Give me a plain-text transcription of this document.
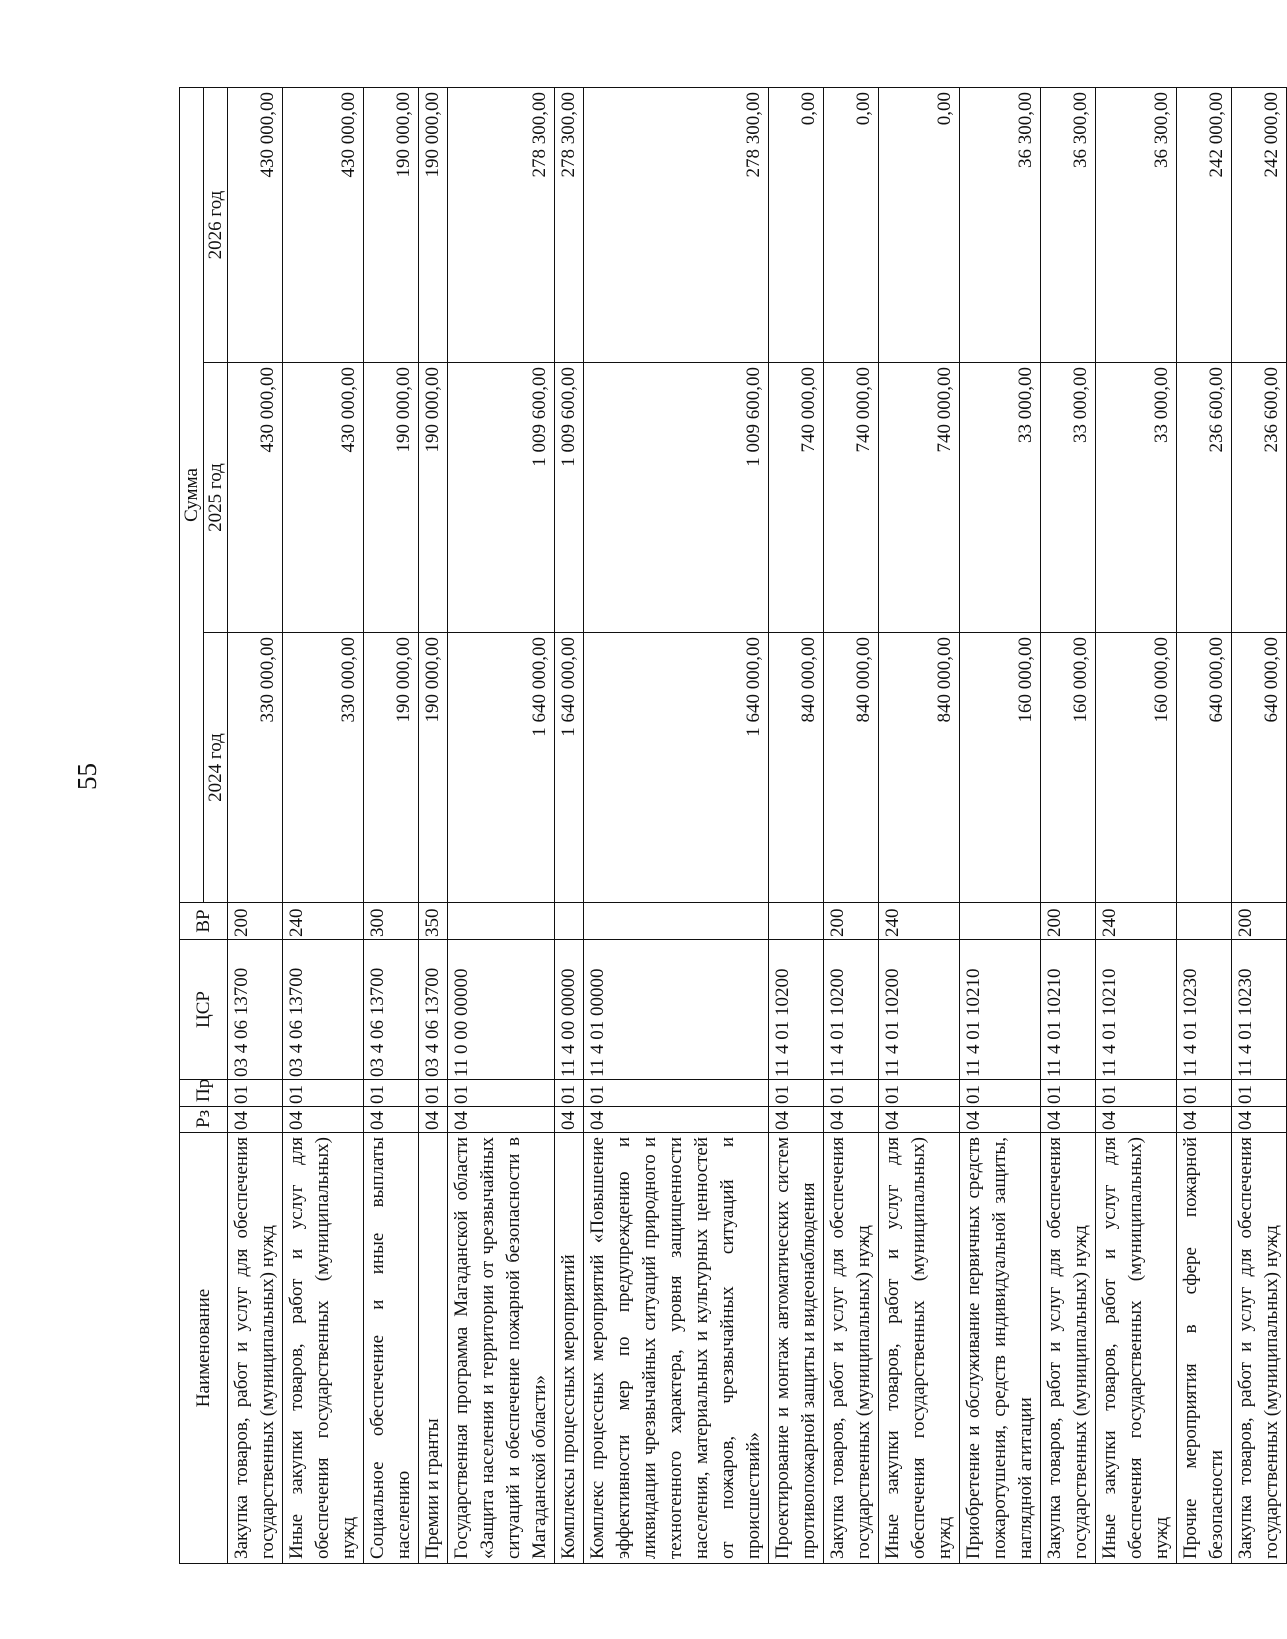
55
Наименование	Рз	Пр	ЦСР	ВР	Сумма		
					2024 год	2025 год	2026 год
Закупка товаров, работ и услуг для обеспечения государственных (муниципальных) нужд	04	01	03 4 06 13700	200	330 000,00	430 000,00	430 000,00
Иные закупки товаров, работ и услуг для обеспечения государственных (муниципальных) нужд	04	01	03 4 06 13700	240	330 000,00	430 000,00	430 000,00
Социальное обеспечение и иные выплаты населению	04	01	03 4 06 13700	300	190 000,00	190 000,00	190 000,00
Премии и гранты	04	01	03 4 06 13700	350	190 000,00	190 000,00	190 000,00
Государственная программа Магаданской области «Защита населения и территории от чрезвычайных ситуаций и обеспечение пожарной безопасности в Магаданской области»	04	01	11 0 00 00000		1 640 000,00	1 009 600,00	278 300,00
Комплексы процессных мероприятий	04	01	11 4 00 00000		1 640 000,00	1 009 600,00	278 300,00
Комплекс процессных мероприятий «Повышение эффективности мер по предупреждению и ликвидации чрезвычайных ситуаций природного и техногенного характера, уровня защищенности населения, материальных и культурных ценностей от пожаров, чрезвычайных ситуаций и происшествий»	04	01	11 4 01 00000		1 640 000,00	1 009 600,00	278 300,00
Проектирование и монтаж автоматических систем противопожарной защиты и видеонаблюдения	04	01	11 4 01 10200		840 000,00	740 000,00	0,00
Закупка товаров, работ и услуг для обеспечения государственных (муниципальных) нужд	04	01	11 4 01 10200	200	840 000,00	740 000,00	0,00
Иные закупки товаров, работ и услуг для обеспечения государственных (муниципальных) нужд	04	01	11 4 01 10200	240	840 000,00	740 000,00	0,00
Приобретение и обслуживание первичных средств пожаротушения, средств индивидуальной защиты, наглядной агитации	04	01	11 4 01 10210		160 000,00	33 000,00	36 300,00
Закупка товаров, работ и услуг для обеспечения государственных (муниципальных) нужд	04	01	11 4 01 10210	200	160 000,00	33 000,00	36 300,00
Иные закупки товаров, работ и услуг для обеспечения государственных (муниципальных) нужд	04	01	11 4 01 10210	240	160 000,00	33 000,00	36 300,00
Прочие мероприятия в сфере пожарной безопасности	04	01	11 4 01 10230		640 000,00	236 600,00	242 000,00
Закупка товаров, работ и услуг для обеспечения государственных (муниципальных) нужд	04	01	11 4 01 10230	200	640 000,00	236 600,00	242 000,00
